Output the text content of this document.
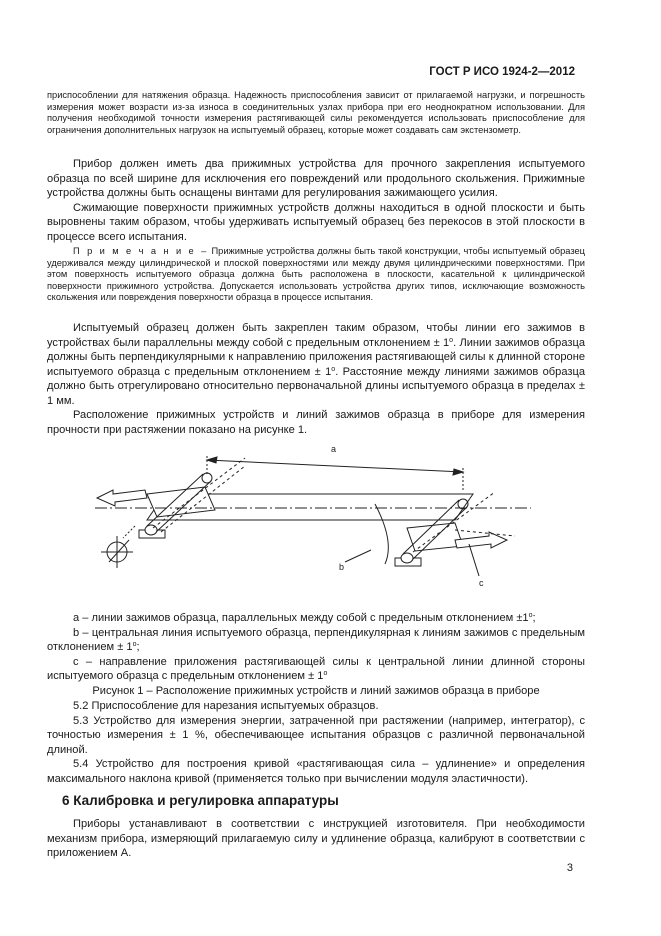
ГОСТ Р ИСО 1924-2—2012
приспособлении для натяжения образца. Надежность приспособления зависит от прилагаемой нагрузки, и погрешность измерения может возрасти из-за износа в соединительных узлах прибора при его неоднократном использовании. Для получения необходимой точности измерения растягивающей силы рекомендуется использовать приспособление для ограничения дополнительных нагрузок на испытуемый образец, которые может создавать сам экстензометр.

Прибор должен иметь два прижимных устройства для прочного закрепления испытуемого образца по всей ширине для исключения его повреждений или продольного скольжения. Прижимные устройства должны быть оснащены винтами для регулирования зажимающего усилия.

Сжимающие поверхности прижимных устройств должны находиться в одной плоскости и быть выровнены таким образом, чтобы удерживать испытуемый образец без перекосов в этой плоскости в процессе всего испытания.

П р и м е ч а н и е – Прижимные устройства должны быть такой конструкции, чтобы испытуемый образец удерживался между цилиндрической и плоской поверхностями или между двумя цилиндрическими поверхностями. При этом поверхность испытуемого образца должна быть расположена в плоскости, касательной к цилиндрической поверхности прижимного устройства. Допускается использовать устройства других типов, исключающие возможность скольжения или повреждения поверхности образца в процессе испытания.

Испытуемый образец должен быть закреплен таким образом, чтобы линии его зажимов в устройствах были параллельны между собой с предельным отклонением ± $1^о$. Линии зажимов образца должны быть перпендикулярными к направлению приложения растягивающей силы к длинной стороне испытуемого образца с предельным отклонением ± $1^о$. Расстояние между линиями зажимов образца должно быть отрегулировано относительно первоначальной длины испытуемого образца в пределах ± 1 мм.

Расположение прижимных устройств и линий зажимов образца в приборе для измерения прочности при растяжении показано на рисунке 1.

a
b
c

a – линии зажимов образца, параллельных между собой с предельным отклонением $\pm 1^о$;

b – центральная линия испытуемого образца, перпендикулярная к линиям зажимов с предельным отклонением ± $1^о$;

c – направление приложения растягивающей силы к центральной линии длинной стороны испытуемого образца с предельным отклонением ± $1^о$

Рисунок 1 – Расположение прижимных устройств и линий зажимов образца в приборе

5.2 Приспособление для нарезания испытуемых образцов.

5.3 Устройство для измерения энергии, затраченной при растяжении (например, интегратор), с точностью измерения ± 1 %, обеспечивающее испытания образцов с различной первоначальной длиной.

5.4 Устройство для построения кривой «растягивающая сила – удлинение» и определения максимального наклона кривой (применяется только при вычислении модуля эластичности).

6 Калибровка и регулировка аппаратуры

Приборы устанавливают в соответствии с инструкцией изготовителя. При необходимости механизм прибора, измеряющий прилагаемую силу и удлинение образца, калибруют в соответствии с приложением А.

3
